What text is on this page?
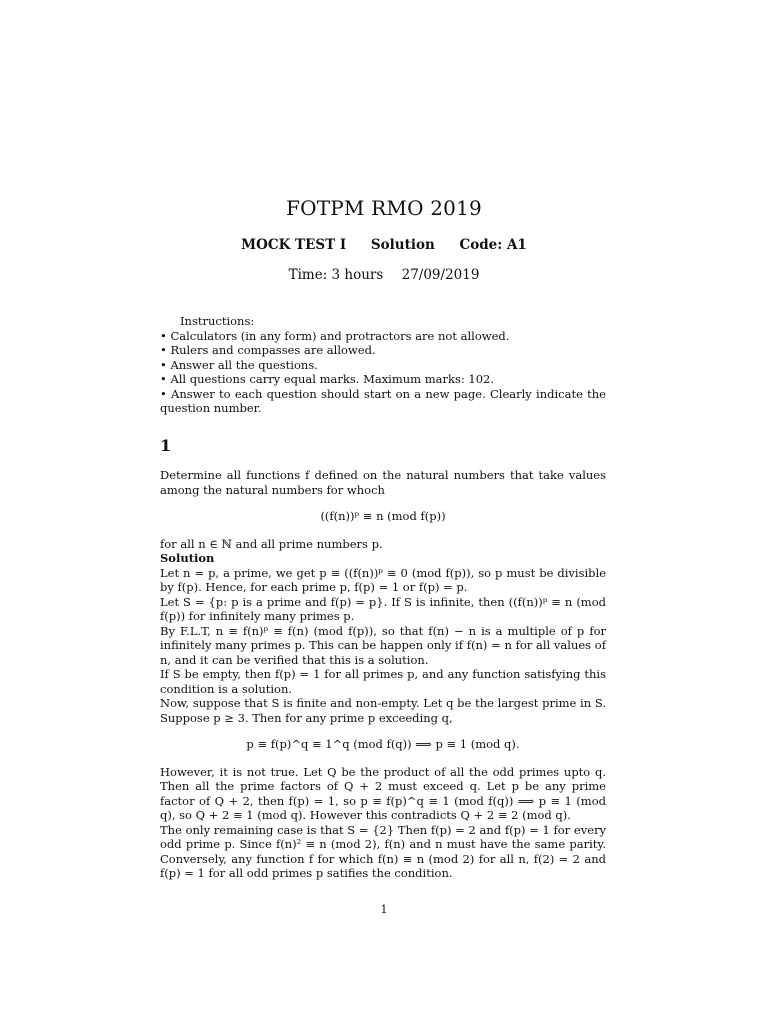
FOTPM RMO 2019
MOCK TEST I Solution Code: A1
Time: 3 hours 27/09/2019
Instructions:
• Calculators (in any form) and protractors are not allowed.
• Rulers and compasses are allowed.
• Answer all the questions.
• All questions carry equal marks. Maximum marks: 102.
• Answer to each question should start on a new page. Clearly indicate the question number.
1

Determine all functions f defined on the natural numbers that take values among the natural numbers for whoch

((f(n))ᵖ ≡ n (mod f(p))

for all n ∈ ℕ and all prime numbers p.

Solution

Let n = p, a prime, we get p ≡ ((f(n))ᵖ ≡ 0 (mod f(p)), so p must be divisible by f(p). Hence, for each prime p, f(p) = 1 or f(p) = p.

Let S = {p: p is a prime and f(p) = p}. If S is infinite, then ((f(n))ᵖ ≡ n (mod f(p)) for infinitely many primes p.

By F.L.T, n ≡ f(n)ᵖ ≡ f(n) (mod f(p)), so that f(n) − n is a multiple of p for infinitely many primes p. This can be happen only if f(n) = n for all values of n, and it can be verified that this is a solution.

If S be empty, then f(p) = 1 for all primes p, and any function satisfying this condition is a solution.

Now, suppose that S is finite and non-empty. Let q be the largest prime in S. Suppose p ≥ 3. Then for any prime p exceeding q,

p ≡ f(p)^q ≡ 1^q (mod f(q)) ⟹ p ≡ 1 (mod q).

However, it is not true. Let Q be the product of all the odd primes upto q. Then all the prime factors of Q + 2 must exceed q. Let p be any prime factor of Q + 2, then f(p) = 1, so p ≡ f(p)^q ≡ 1 (mod f(q)) ⟹ p ≡ 1 (mod q), so Q + 2 ≡ 1 (mod q). However this contradicts Q + 2 ≡ 2 (mod q).

The only remaining case is that S = {2} Then f(p) = 2 and f(p) = 1 for every odd prime p. Since f(n)² ≡ n (mod 2), f(n) and n must have the same parity. Conversely, any function f for which f(n) ≡ n (mod 2) for all n, f(2) = 2 and f(p) = 1 for all odd primes p satifies the condition.

1
